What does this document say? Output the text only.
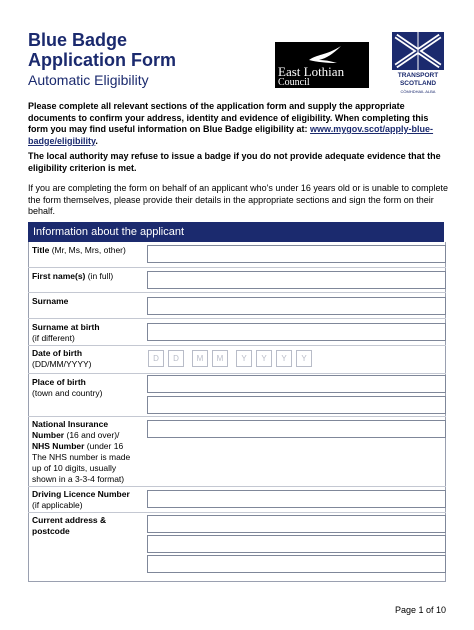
Blue Badge
Application Form
Automatic Eligibility
East Lothian
Council
TRANSPORT
SCOTLAND
CÒMHDHAIL ALBA
Please complete all relevant sections of the application form and supply the appropriate documents to confirm your address, identity and evidence of eligibility. When completing this form you may find useful information on Blue Badge eligibility at: www.mygov.scot/apply-blue-badge/eligibility.
The local authority may refuse to issue a badge if you do not provide adequate evidence that the eligibility criterion is met.
If you are completing the form on behalf of an applicant who's under 16 years old or is unable to complete the form themselves, please provide their details in the appropriate sections and sign the form on their behalf.
Information about the applicant
Title (Mr, Ms, Mrs, other)
First name(s) (in full)
Surname
Surname at birth
(if different)
Date of birth
(DD/MM/YYYY)
D	D	M	M	Y	Y	Y	Y
Place of birth
(town and country)
National Insurance
Number (16 and over)/
NHS Number (under 16
The NHS number is made
up of 10 digits, usually
shown in a 3-3-4 format)
Driving Licence Number
(if applicable)
Current address &
postcode
Page 1 of 10
